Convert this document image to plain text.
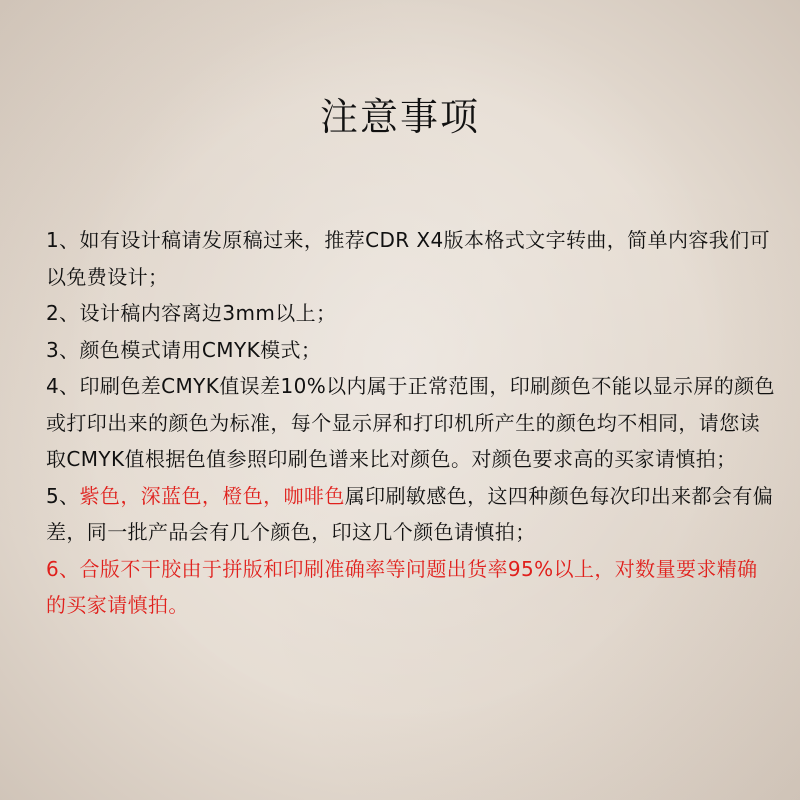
注意事项

1、如有设计稿请发原稿过来，推荐CDR X4版本格式文字转曲，简单内容我们可以免费设计；

2、设计稿内容离边3mm以上；

3、颜色模式请用CMYK模式；

4、印刷色差CMYK值误差10%以内属于正常范围，印刷颜色不能以显示屏的颜色或打印出来的颜色为标准，每个显示屏和打印机所产生的颜色均不相同，请您读取CMYK值根据色值参照印刷色谱来比对颜色。对颜色要求高的买家请慎拍；

5、紫色，深蓝色，橙色，咖啡色属印刷敏感色，这四种颜色每次印出来都会有偏差，同一批产品会有几个颜色，印这几个颜色请慎拍；

6、合版不干胶由于拼版和印刷准确率等问题出货率95%以上，对数量要求精确的买家请慎拍。
